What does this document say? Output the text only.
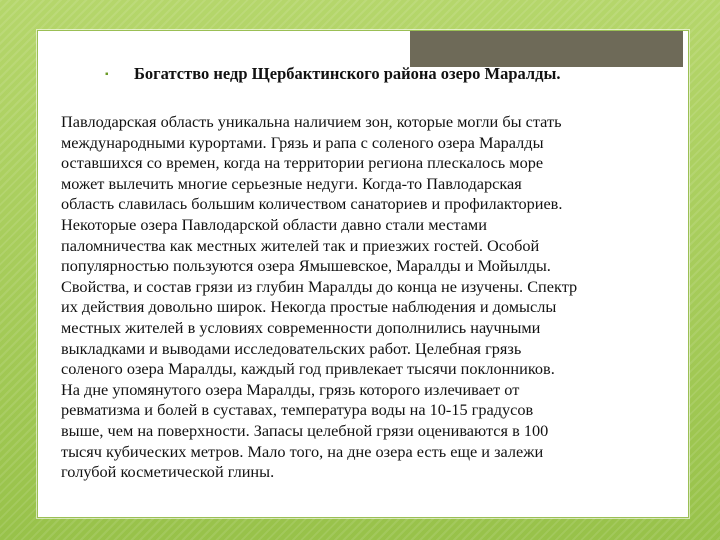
▪	Богатство недр Щербактинского района озеро Маралды.
Павлодарская область уникальна наличием зон, которые могли бы стать
международными курортами. Грязь и рапа с соленого озера Маралды
оставшихся со времен, когда на территории региона плескалось море
может вылечить многие серьезные недуги. Когда-то Павлодарская
область славилась большим количеством санаториев и профилакториев.
Некоторые озера Павлодарской области давно стали местами
паломничества как местных жителей так и приезжих гостей. Особой
популярностью пользуются озера Ямышевское, Маралды и Мойылды.
Свойства, и состав грязи из глубин Маралды до конца не изучены. Спектр
их действия довольно широк. Некогда простые наблюдения и домыслы
местных жителей в условиях современности дополнились научными
выкладками и выводами исследовательских работ. Целебная грязь
соленого озера Маралды, каждый год привлекает тысячи поклонников.
На дне упомянутого озера Маралды, грязь которого излечивает от
ревматизма и болей в суставах, температура воды на 10-15 градусов
выше, чем на поверхности. Запасы целебной грязи оцениваются в 100
тысяч кубических метров. Мало того, на дне озера есть еще и залежи
голубой косметической глины.
